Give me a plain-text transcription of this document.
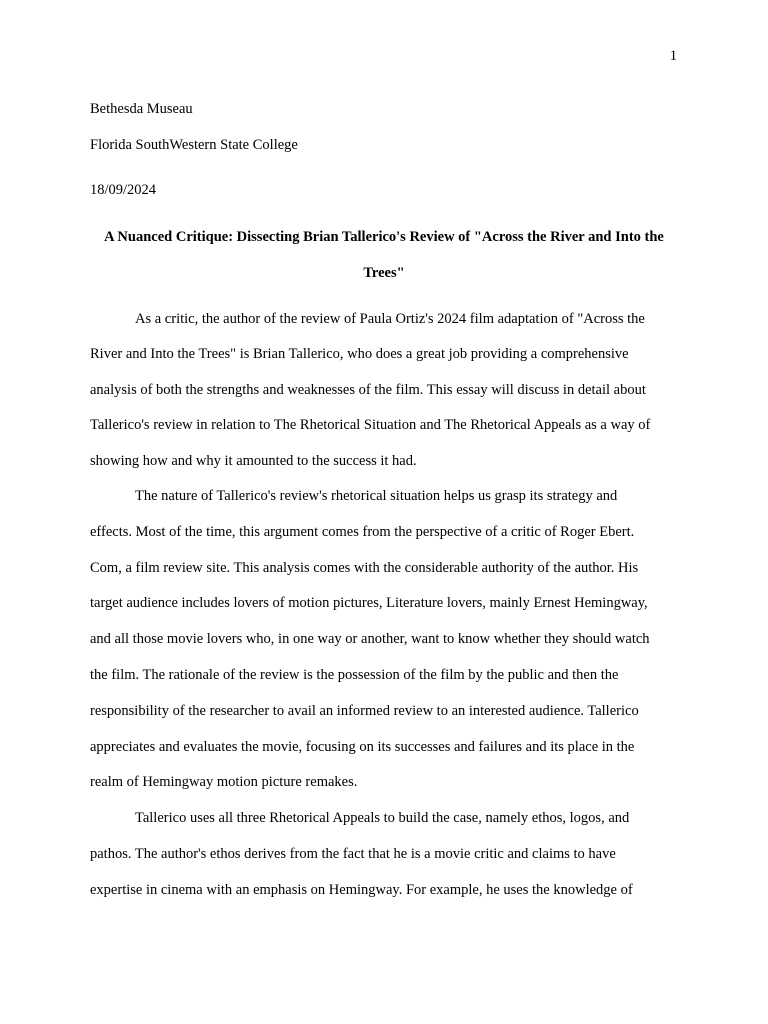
1
Bethesda Museau
Florida SouthWestern State College
18/09/2024
A Nuanced Critique: Dissecting Brian Tallerico's Review of "Across the River and Into the
Trees"
As a critic, the author of the review of Paula Ortiz's 2024 film adaptation of "Across the
River and Into the Trees" is Brian Tallerico, who does a great job providing a comprehensive
analysis of both the strengths and weaknesses of the film. This essay will discuss in detail about
Tallerico's review in relation to The Rhetorical Situation and The Rhetorical Appeals as a way of
showing how and why it amounted to the success it had.
The nature of Tallerico's review's rhetorical situation helps us grasp its strategy and
effects. Most of the time, this argument comes from the perspective of a critic of Roger Ebert.
Com, a film review site. This analysis comes with the considerable authority of the author. His
target audience includes lovers of motion pictures, Literature lovers, mainly Ernest Hemingway,
and all those movie lovers who, in one way or another, want to know whether they should watch
the film. The rationale of the review is the possession of the film by the public and then the
responsibility of the researcher to avail an informed review to an interested audience. Tallerico
appreciates and evaluates the movie, focusing on its successes and failures and its place in the
realm of Hemingway motion picture remakes.
Tallerico uses all three Rhetorical Appeals to build the case, namely ethos, logos, and
pathos. The author's ethos derives from the fact that he is a movie critic and claims to have
expertise in cinema with an emphasis on Hemingway. For example, he uses the knowledge of
